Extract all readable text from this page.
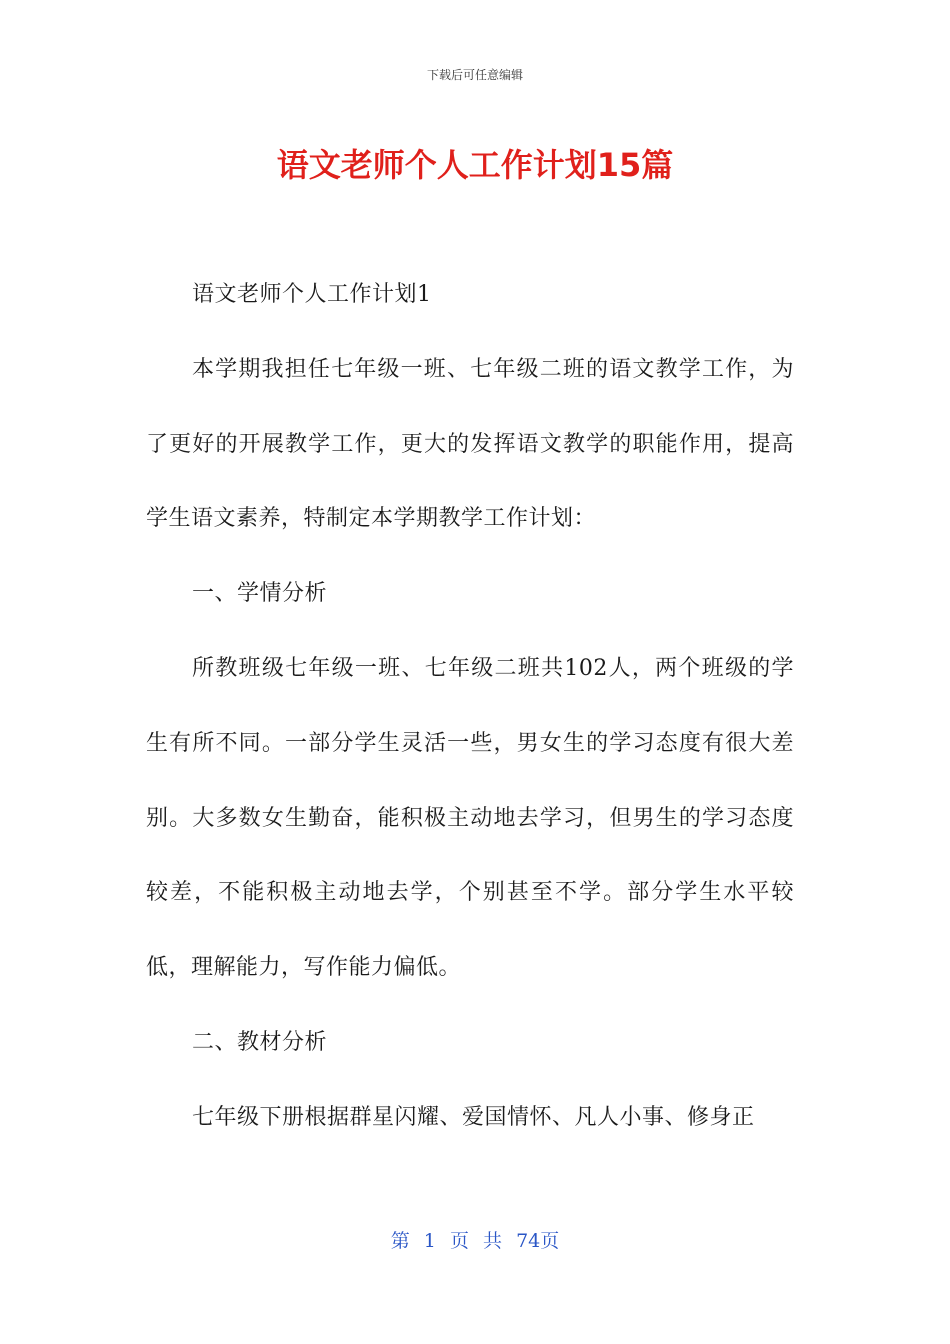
下载后可任意编辑
语文老师个人工作计划15篇

语文老师个人工作计划1

本学期我担任七年级一班、七年级二班的语文教学工作，为了更好的开展教学工作，更大的发挥语文教学的职能作用，提高学生语文素养，特制定本学期教学工作计划：

一、学情分析

所教班级七年级一班、七年级二班共102人，两个班级的学生有所不同。一部分学生灵活一些，男女生的学习态度有很大差别。大多数女生勤奋，能积极主动地去学习，但男生的学习态度较差，不能积极主动地去学，个别甚至不学。部分学生水平较低，理解能力，写作能力偏低。

二、教材分析

七年级下册根据群星闪耀、爱国情怀、凡人小事、修身正

第 1 页 共 74页
